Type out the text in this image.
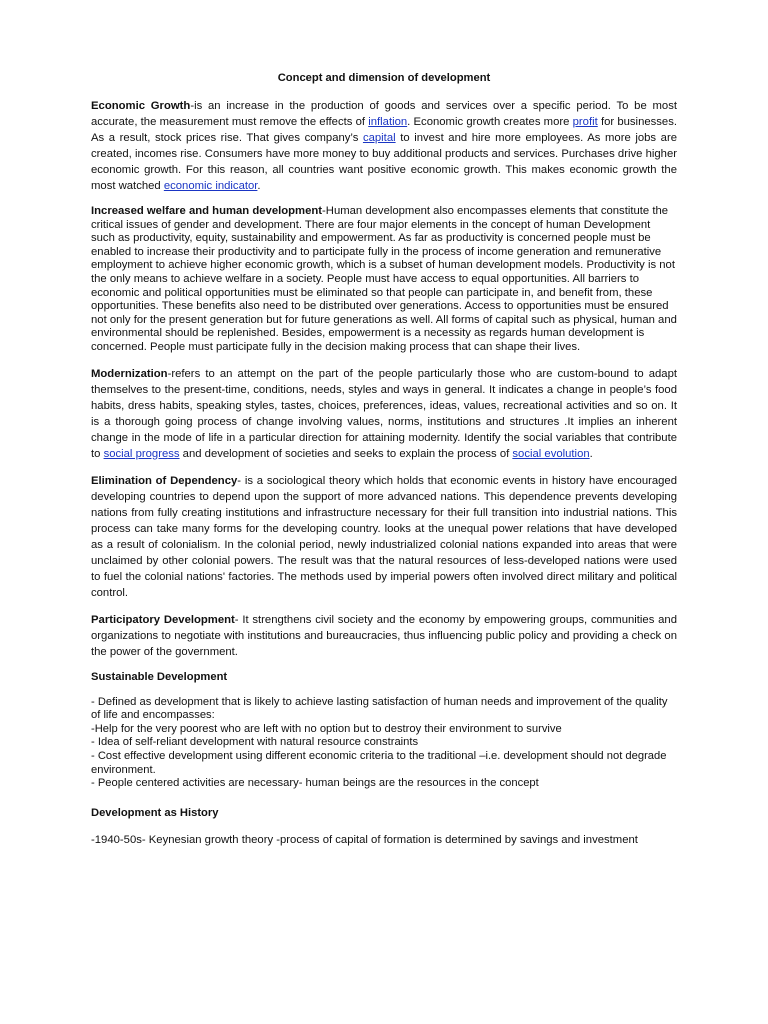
Concept and dimension of development

Economic Growth-is an increase in the production of goods and services over a specific period. To be most accurate, the measurement must remove the effects of inflation. Economic growth creates more profit for businesses. As a result, stock prices rise. That gives company’s capital to invest and hire more employees. As more jobs are created, incomes rise. Consumers have more money to buy additional products and services. Purchases drive higher economic growth. For this reason, all countries want positive economic growth. This makes economic growth the most watched economic indicator.

Increased welfare and human development-Human development also encompasses elements that constitute the critical issues of gender and development. There are four major elements in the concept of human Development such as productivity, equity, sustainability and empowerment. As far as productivity is concerned people must be enabled to increase their productivity and to participate fully in the process of income generation and remunerative employment to achieve higher economic growth, which is a subset of human development models. Productivity is not the only means to achieve welfare in a society. People must have access to equal opportunities. All barriers to economic and political opportunities must be eliminated so that people can participate in, and benefit from, these opportunities. These benefits also need to be distributed over generations. Access to opportunities must be ensured not only for the present generation but for future generations as well. All forms of capital such as physical, human and environmental should be replenished. Besides, empowerment is a necessity as regards human development is concerned. People must participate fully in the decision making process that can shape their lives.

Modernization-refers to an attempt on the part of the people particularly those who are custom-bound to adapt themselves to the present-time, conditions, needs, styles and ways in general. It indicates a change in people’s food habits, dress habits, speaking styles, tastes, choices, preferences, ideas, values, recreational activities and so on. It is a thorough going process of change involving values, norms, institutions and structures .It implies an inherent change in the mode of life in a particular direction for attaining modernity. Identify the social variables that contribute to social progress and development of societies and seeks to explain the process of social evolution.

Elimination of Dependency- is a sociological theory which holds that economic events in history have encouraged developing countries to depend upon the support of more advanced nations. This dependence prevents developing nations from fully creating institutions and infrastructure necessary for their full transition into industrial nations. This process can take many forms for the developing country. looks at the unequal power relations that have developed as a result of colonialism. In the colonial period, newly industrialized colonial nations expanded into areas that were unclaimed by other colonial powers. The result was that the natural resources of less-developed nations were used to fuel the colonial nations' factories. The methods used by imperial powers often involved direct military and political control.

Participatory Development- It strengthens civil society and the economy by empowering groups, communities and organizations to negotiate with institutions and bureaucracies, thus influencing public policy and providing a check on the power of the government.

Sustainable Development
- Defined as development that is likely to achieve lasting satisfaction of human needs and improvement of the quality of life and encompasses:
-Help for the very poorest who are left with no option but to destroy their environment to survive
- Idea of self-reliant development with natural resource constraints
- Cost effective development using different economic criteria to the traditional –i.e. development should not degrade environment.
- People centered activities are necessary- human beings are the resources in the concept
Development as History

-1940-50s- Keynesian growth theory -process of capital of formation is determined by savings and investment
